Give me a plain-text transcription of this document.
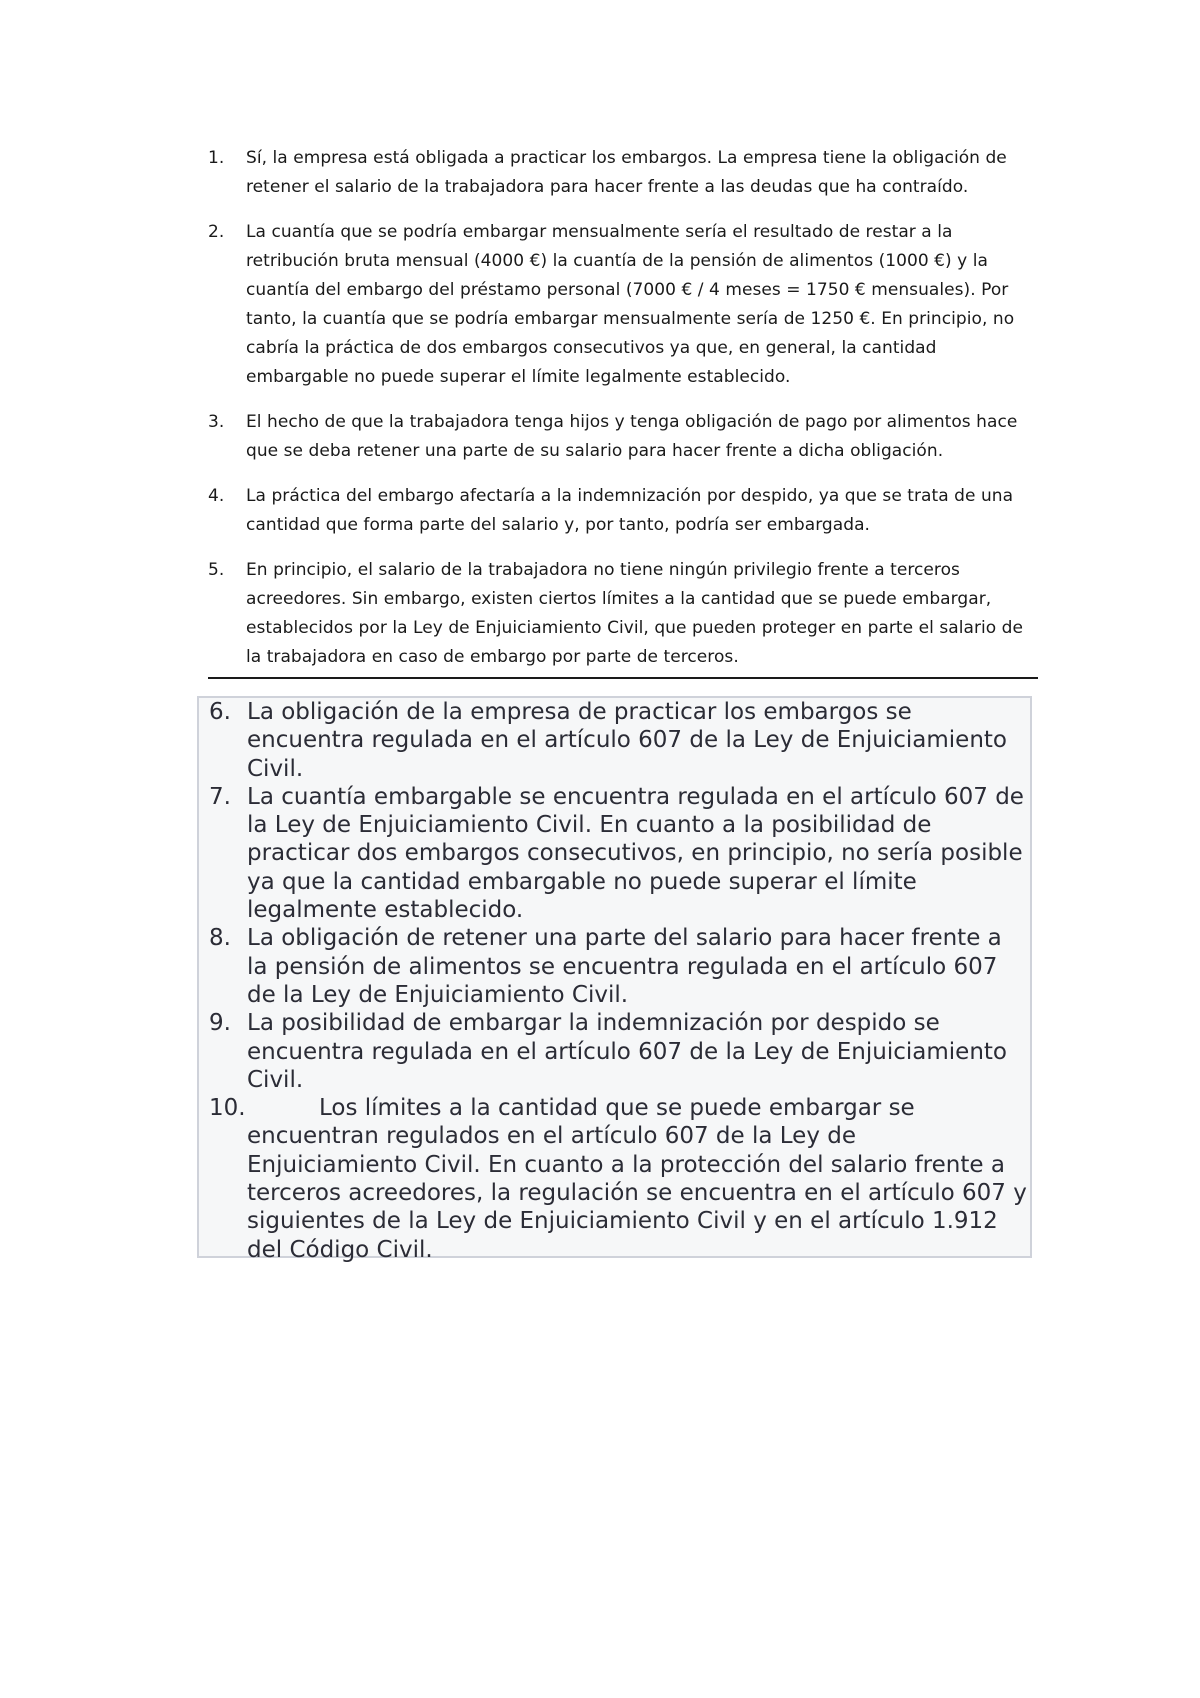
1.	Sí, la empresa está obligada a practicar los embargos. La empresa tiene la obligación de retener el salario de la trabajadora para hacer frente a las deudas que ha contraído.
2.	La cuantía que se podría embargar mensualmente sería el resultado de restar a la retribución bruta mensual (4000 €) la cuantía de la pensión de alimentos (1000 €) y la cuantía del embargo del préstamo personal (7000 € / 4 meses = 1750 € mensuales). Por tanto, la cuantía que se podría embargar mensualmente sería de 1250 €. En principio, no cabría la práctica de dos embargos consecutivos ya que, en general, la cantidad embargable no puede superar el límite legalmente establecido.
3.	El hecho de que la trabajadora tenga hijos y tenga obligación de pago por alimentos hace que se deba retener una parte de su salario para hacer frente a dicha obligación.
4.	La práctica del embargo afectaría a la indemnización por despido, ya que se trata de una cantidad que forma parte del salario y, por tanto, podría ser embargada.
5.	En principio, el salario de la trabajadora no tiene ningún privilegio frente a terceros acreedores. Sin embargo, existen ciertos límites a la cantidad que se puede embargar, establecidos por la Ley de Enjuiciamiento Civil, que pueden proteger en parte el salario de la trabajadora en caso de embargo por parte de terceros.
6. La obligación de la empresa de practicar los embargos se encuentra regulada en el artículo 607 de la Ley de Enjuiciamiento Civil.
7. La cuantía embargable se encuentra regulada en el artículo 607 de la Ley de Enjuiciamiento Civil. En cuanto a la posibilidad de practicar dos embargos consecutivos, en principio, no sería posible ya que la cantidad embargable no puede superar el límite legalmente establecido.
8. La obligación de retener una parte del salario para hacer frente a la pensión de alimentos se encuentra regulada en el artículo 607 de la Ley de Enjuiciamiento Civil.
9. La posibilidad de embargar la indemnización por despido se encuentra regulada en el artículo 607 de la Ley de Enjuiciamiento Civil.
10.	Los límites a la cantidad que se puede embargar se encuentran regulados en el artículo 607 de la Ley de Enjuiciamiento Civil. En cuanto a la protección del salario frente a terceros acreedores, la regulación se encuentra en el artículo 607 y siguientes de la Ley de Enjuiciamiento Civil y en el artículo 1.912 del Código Civil.
